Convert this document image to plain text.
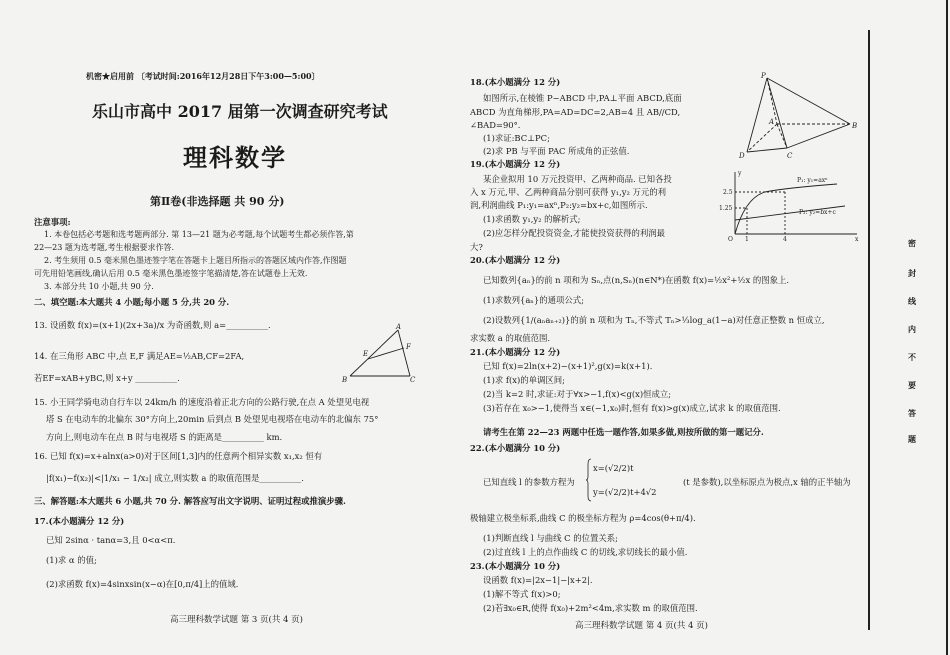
机密★启用前 〔考试时间:2016年12月28日下午3:00—5:00〕
乐山市高中 2017 届第一次调查研究考试
理科数学
第Ⅱ卷(非选择题 共 90 分)
注意事项:
1. 本卷包括必考题和选考题两部分. 第 13—21 题为必考题,每个试题考生都必须作答,第
22—23 题为选考题,考生根据要求作答.
2. 考生须用 0.5 毫米黑色墨迹签字笔在答题卡上题目所指示的答题区域内作答,作图题
可先用铅笔画线,确认后用 0.5 毫米黑色墨迹签字笔描清楚,答在试题卷上无效.
3. 本部分共 10 小题,共 90 分.
二、填空题:本大题共 4 小题;每小题 5 分,共 20 分.
13. 设函数 f(x)=(x+1)(2x+3a)/x 为奇函数,则 a=__________.
14. 在三角形 ABC 中,点 E,F 满足AE=½AB,CF=2FA,
若EF=xAB+yBC,则 x+y __________.
A
B	C
E
F
15. 小王同学骑电动自行车以 24km/h 的速度沿着正北方向的公路行驶,在点 A 处望见电视
塔 S 在电动车的北偏东 30°方向上,20min 后到点 B 处望见电视塔在电动车的北偏东 75°
方向上,则电动车在点 B 时与电视塔 S 的距离是__________ km.
16. 已知 f(x)=x+alnx(a>0)对于区间[1,3]内的任意两个相异实数 x₁,x₂ 恒有
|f(x₁)−f(x₂)|<|1/x₁ − 1/x₂| 成立,则实数 a 的取值范围是__________.
三、解答题:本大题共 6 小题,共 70 分. 解答应写出文字说明、证明过程或推演步骤.
17.(本小题满分 12 分)
已知 2sinα · tanα=3,且 0<α<π.
(1)求 α 的值;
(2)求函数 f(x)=4sinxsin(x−α)在[0,π/4]上的值域.
高三理科数学试题 第 3 页(共 4 页)
18.(本小题满分 12 分)
如图所示,在棱锥 P−ABCD 中,PA⊥平面 ABCD,底面
ABCD 为直角梯形,PA=AD=DC=2,AB=4 且 AB//CD,
∠BAD=90°.
(1)求证:BC⊥PC;
(2)求 PB 与平面 PAC 所成角的正弦值.
P
A	B
C
D
19.(本小题满分 12 分)
某企业拟用 10 万元投资甲、乙两种商品. 已知各投
入 x 万元,甲、乙两种商品分别可获得 y₁,y₂ 万元的利
润,利润曲线 P₁:y₁=axⁿ,P₂:y₂=bx+c,如图所示.
(1)求函数 y₁,y₂ 的解析式;
(2)应怎样分配投资资金,才能使投资获得的利润最
大?
P₁: y₁=axⁿ
P₂: y₂=bx+c
2.5
1.25
1	4
O	x
y
20.(本小题满分 12 分)
已知数列{aₙ}的前 n 项和为 Sₙ,点(n,Sₙ)(n∈N*)在函数 f(x)=½x²+½x 的图象上.
(1)求数列{aₙ}的通项公式;
(2)设数列{1/(aₙaₙ₊₂)}的前 n 项和为 Tₙ,不等式 Tₙ>⅓log_a(1−a)对任意正整数 n 恒成立,
求实数 a 的取值范围.
21.(本小题满分 12 分)
已知 f(x)=2ln(x+2)−(x+1)²,g(x)=k(x+1).
(1)求 f(x)的单调区间;
(2)当 k=2 时,求证:对于∀x>−1,f(x)<g(x)恒成立;
(3)若存在 x₀>−1,使得当 x∈(−1,x₀)时,恒有 f(x)>g(x)成立,试求 k 的取值范围.
请考生在第 22—23 两题中任选一题作答,如果多做,则按所做的第一题记分.
22.(本小题满分 10 分)
已知直线 l 的参数方程为
x=(√2/2)t
y=(√2/2)t+4√2
(t 是参数),以坐标原点为极点,x 轴的正半轴为
极轴建立极坐标系,曲线 C 的极坐标方程为 ρ=4cos(θ+π/4).
(1)判断直线 l 与曲线 C 的位置关系;
(2)过直线 l 上的点作曲线 C 的切线,求切线长的最小值.
23.(本小题满分 10 分)
设函数 f(x)=|2x−1|−|x+2|.
(1)解不等式 f(x)>0;
(2)若∃x₀∈R,使得 f(x₀)+2m²<4m,求实数 m 的取值范围.
高三理科数学试题 第 4 页(共 4 页)
密
封
线
内
不
要
答
题
